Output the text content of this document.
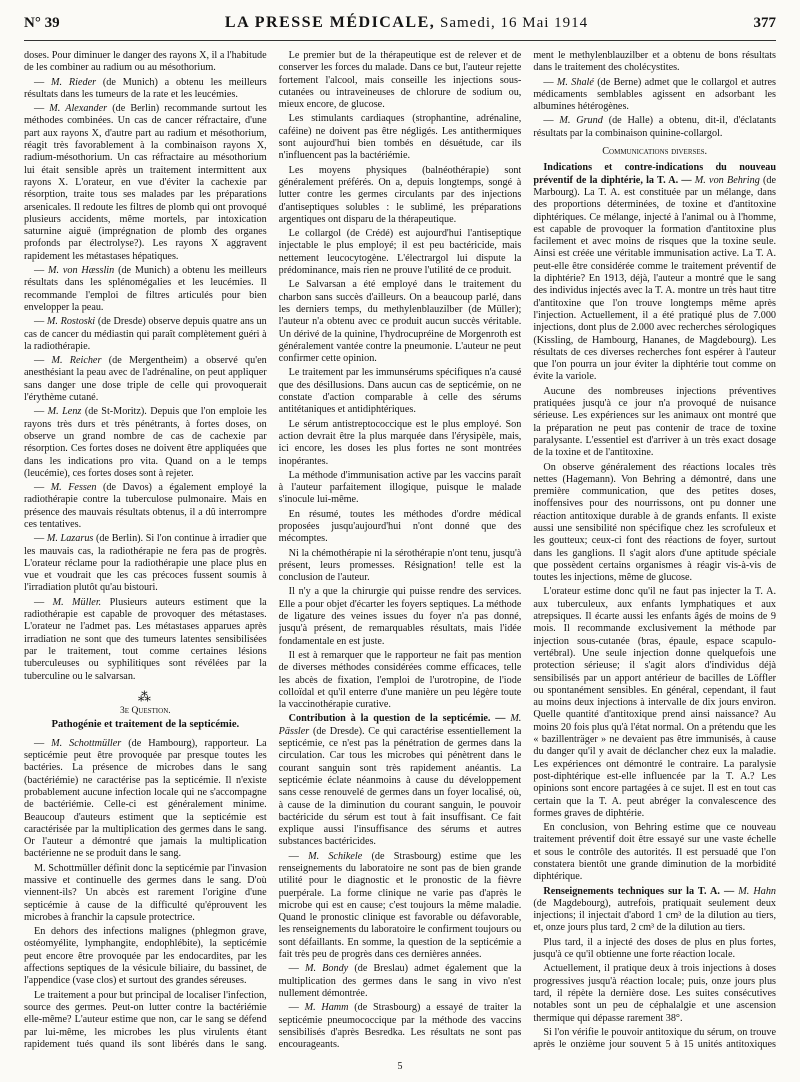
N° 39	LA PRESSE MÉDICALE, Samedi, 16 Mai 1914	377

doses. Pour diminuer le danger des rayons X, il a l'habitude de les combiner au radium ou au mésothorium.

— M. Rieder (de Munich) a obtenu les meilleurs résultats dans les tumeurs de la rate et les leucémies.

— M. Alexander (de Berlin) recommande surtout les méthodes combinées. Un cas de cancer réfractaire, d'une part aux rayons X, d'autre part au radium et mésothorium, réagit très favorablement à la combinaison rayons X, radium-mésothorium. Un cas réfractaire au mésothorium lui était sensible après un traitement intermittent aux rayons X. L'orateur, en vue d'éviter la cachexie par résorption, traite tous ses malades par les préparations arsenicales. Il redoute les filtres de plomb qui ont provoqué plusieurs accidents, même mortels, par intoxication saturnine aiguë (imprégnation de plomb des organes profonds par électrolyse?). Les rayons X aggravent rapidement les métastases hépatiques.

— M. von Hæsslin (de Munich) a obtenu les meilleurs résultats dans les splénomégalies et les leucémies. Il recommande l'emploi de filtres articulés pour bien envelopper la peau.

— M. Rostoski (de Dresde) observe depuis quatre ans un cas de cancer du médiastin qui paraît complètement guéri à la radiothérapie.

— M. Reicher (de Mergentheim) a observé qu'en anesthésiant la peau avec de l'adrénaline, on peut appliquer sans danger une dose triple de celle qui provoquerait l'érythème cutané.

— M. Lenz (de St-Moritz). Depuis que l'on emploie les rayons très durs et très pénétrants, à fortes doses, on observe un grand nombre de cas de cachexie par résorption. Ces fortes doses ne doivent être appliquées que dans les indications pro vita. Quand on a le temps (leucémie), ces fortes doses sont à rejeter.

— M. Fessen (de Davos) a également employé la radiothérapie contre la tuberculose pulmonaire. Mais en présence des mauvais résultats obtenus, il a dû interrompre ces tentatives.

— M. Lazarus (de Berlin). Si l'on continue à irradier que les mauvais cas, la radiothérapie ne fera pas de progrès. L'orateur réclame pour la radiothérapie une place plus en vue et voudrait que les cas précoces fussent soumis à l'irradiation plutôt qu'au bistouri.

— M. Müller. Plusieurs auteurs estiment que la radiothérapie est capable de provoquer des métastases. L'orateur ne l'admet pas. Les métastases apparues après irradiation ne sont que des tumeurs latentes sensibilisées par le traitement, tout comme certaines lésions tuberculeuses ou syphilitiques sont révélées par la tuberculine ou le salvarsan.

⁂
3e Question.
Pathogénie et traitement de la septicémie.

— M. Schottmüller (de Hambourg), rapporteur. La septicémie peut être provoquée par presque toutes les bactéries. La présence de microbes dans le sang (bactériémie) ne caractérise pas la septicémie. Il n'existe probablement aucune infection locale qui ne s'accompagne de bactériémie. Celle-ci est généralement minime. Beaucoup d'auteurs estiment que la septicémie est caractérisée par la multiplication des germes dans le sang. Or l'auteur a démontré que jamais la multiplication bactérienne ne se produit dans le sang.

M. Schottmüller définit donc la septicémie par l'invasion massive et continuelle des germes dans le sang. D'où viennent-ils? Un abcès est rarement l'origine d'une septicémie à cause de la difficulté qu'éprouvent les microbes à franchir la capsule protectrice.

En dehors des infections malignes (phlegmon grave, ostéomyélite, lymphangite, endophlébite), la septicémie peut encore être provoquée par les endocardites, par les affections septiques de la vésicule biliaire, du bassinet, de l'appendice (vase clos) et surtout des grandes séreuses.

Le traitement a pour but principal de localiser l'infection, source des germes. Peut-on lutter contre la bactériémie elle-même? L'auteur estime que non, car le sang se défend par lui-même, les microbes les plus virulents étant rapidement tués quand ils sont libérés dans le sang.

Le premier but de la thérapeutique est de relever et de conserver les forces du malade. Dans ce but, l'auteur rejette fortement l'alcool, mais conseille les injections sous-cutanées ou intraveineuses de chlorure de sodium ou, mieux encore, de glucose.

Les stimulants cardiaques (strophantine, adrénaline, caféine) ne doivent pas être négligés. Les antithermiques sont aujourd'hui bien tombés en désuétude, car ils n'influencent pas la bactériémie.

Les moyens physiques (balnéothérapie) sont généralement préférés. On a, depuis longtemps, songé à lutter contre les germes circulants par des injections d'antiseptiques solubles : le sublimé, les préparations argentiques ont disparu de la thérapeutique.

Le collargol (de Crédé) est aujourd'hui l'antiseptique injectable le plus employé; il est peu bactéricide, mais nettement leucocytogène. L'électrargol lui dispute la prédominance, mais rien ne prouve l'utilité de ce produit.

Le Salvarsan a été employé dans le traitement du charbon sans succès d'ailleurs. On a beaucoup parlé, dans les derniers temps, du methylenblauzilber (de Müller); l'auteur n'a obtenu avec ce produit aucun succès véritable. Un dérivé de la quinine, l'hydrocupréine de Morgenroth est généralement vantée contre la pneumonie. L'auteur ne peut confirmer cette opinion.

Le traitement par les immunsérums spécifiques n'a causé que des désillusions. Dans aucun cas de septicémie, on ne constate d'action comparable à celle des sérums antitétaniques et antidiphtériques.

Le sérum antistreptococcique est le plus employé. Son action devrait être la plus marquée dans l'érysipèle, mais, ici encore, les doses les plus fortes ne sont montrées inopérantes.

La méthode d'immunisation active par les vaccins paraît à l'auteur parfaitement illogique, puisque le malade s'inocule lui-même.

En résumé, toutes les méthodes d'ordre médical proposées jusqu'aujourd'hui n'ont donné que des mécomptes.

Ni la chémothérapie ni la sérothérapie n'ont tenu, jusqu'à présent, leurs promesses. Résignation! telle est la conclusion de l'auteur.

Il n'y a que la chirurgie qui puisse rendre des services. Elle a pour objet d'écarter les foyers septiques. La méthode de ligature des veines issues du foyer n'a pas donné, jusqu'à présent, de remarquables résultats, mais l'idée fondamentale en est juste.

Il est à remarquer que le rapporteur ne fait pas mention de diverses méthodes considérées comme efficaces, telle les abcès de fixation, l'emploi de l'urotropine, de l'iode colloïdal et qu'il enterre d'une manière un peu légère toute la vaccinothérapie curative.

Contribution à la question de la septicémie. — M. Pässler (de Dresde). Ce qui caractérise essentiellement la septicémie, ce n'est pas la pénétration de germes dans la circulation. Car tous les microbes qui pénètrent dans le courant sanguin sont très rapidement anéantis. La septicémie éclate néanmoins à cause du développement sans cesse renouvelé de germes dans un foyer localisé, où, à cause de la diminution du courant sanguin, le pouvoir bactéricide du sérum est tout à fait insuffisant. Ce fait explique aussi l'insuffisance des sérums et autres substances bactéricides.

— M. Schikele (de Strasbourg) estime que les renseignements du laboratoire ne sont pas de bien grande utilité pour le diagnostic et le pronostic de la fièvre puerpérale. La forme clinique ne varie pas d'après le microbe qui est en cause; c'est toujours la même maladie. Quand le pronostic clinique est favorable ou défavorable, les renseignements du laboratoire le confirment toujours ou sont défaillants. En somme, la question de la septicémie a fait très peu de progrès dans ces dernières années.

— M. Bondy (de Breslau) admet également que la multiplication des germes dans le sang in vivo n'est nullement démontrée.

— M. Hamm (de Strasbourg) a essayé de traiter la septicémie pneumococcique par la méthode des vaccins sensibilisés d'après Besredka. Les résultats ne sont pas encourageants.

ment le methylenblauzilber et a obtenu de bons résultats dans le traitement des cholécystites.

— M. Shalé (de Berne) admet que le collargol et autres médicaments semblables agissent en adsorbant les albumines hétérogènes.

— M. Grund (de Halle) a obtenu, dit-il, d'éclatants résultats par la combinaison quinine-collargol.

Communications diverses.

Indications et contre-indications du nouveau préventif de la diphtérie, la T. A. — M. von Behring (de Marbourg). La T. A. est constituée par un mélange, dans des proportions déterminées, de toxine et d'antitoxine diphtériques. Ce mélange, injecté à l'animal ou à l'homme, est capable de provoquer la formation d'antitoxine plus facilement et avec moins de risques que la toxine seule. Ainsi est créée une véritable immunisation active. La T. A. peut-elle être considérée comme le traitement préventif de la diphtérie? En 1913, déjà, l'auteur a montré que le sang des individus injectés avec la T. A. montre un très haut titre d'antitoxine que l'on trouve longtemps même après l'injection. Actuellement, il a été pratiqué plus de 7.000 injections, dont plus de 2.000 avec recherches sérologiques (Kissling, de Hambourg, Hananes, de Magdebourg). Les résultats de ces diverses recherches font espérer à l'auteur que l'on pourra un jour éviter la diphtérie tout comme on évite la variole.

Aucune des nombreuses injections préventives pratiquées jusqu'à ce jour n'a provoqué de nuisance sérieuse. Les expériences sur les animaux ont montré que la préparation ne peut pas contenir de trace de toxine paralysante. L'essentiel est d'arriver à un très exact dosage de la toxine et de l'antitoxine.

On observe généralement des réactions locales très nettes (Hagemann). Von Behring a démontré, dans une première communication, que des petites doses, inoffensives pour des nourrissons, ont pu donner une réaction antitoxique durable à de grands enfants. Il existe aussi une sensibilité non spécifique chez les scrofuleux et les goutteux; ceux-ci font des réactions de foyer, surtout dans les ganglions. Il s'agit alors d'une aptitude spéciale que possèdent certains organismes à réagir vis-à-vis de toutes les injections, même de glucose.

L'orateur estime donc qu'il ne faut pas injecter la T. A. aux tuberculeux, aux enfants lymphatiques et aux atrepsiques. Il écarte aussi les enfants âgés de moins de 9 mois. Il recommande exclusivement la méthode par injection sous-cutanée (bras, épaule, espace scapulo-vertébral). Une seule injection donne quelquefois une protection sérieuse; il s'agit alors d'individus déjà sensibilisés par un apport antérieur de bacilles de Löffler ou spontanément sensibles. En général, cependant, il faut au moins deux injections à intervalle de dix jours environ. Quelle quantité d'antitoxique prend ainsi naissance? Au moins 20 fois plus qu'à l'état normal. On a prétendu que les « bazillenträger » ne devaient pas être immunisés, à cause du danger qu'il y avait de déclancher chez eux la maladie. Les expériences ont démontré le contraire. La paralysie post-diphtérique est-elle influencée par la T. A.? Les opinions sont encore partagées à ce sujet. Il est en tout cas certain que la T. A. peut abréger la convalescence des formes graves de diphtérie.

En conclusion, von Behring estime que ce nouveau traitement préventif doit être essayé sur une vaste échelle et sous le contrôle des autorités. Il est persuadé que l'on constatera bientôt une grande diminution de la morbidité diphtérique.

Renseignements techniques sur la T. A. — M. Hahn (de Magdebourg), autrefois, pratiquait seulement deux injections; il injectait d'abord 1 cm³ de la dilution au tiers, et, onze jours plus tard, 2 cm³ de la dilution au tiers.

Plus tard, il a injecté des doses de plus en plus fortes, jusqu'à ce qu'il obtienne une forte réaction locale.

Actuellement, il pratique deux à trois injections à doses progressives jusqu'à réaction locale; puis, onze jours plus tard, il répète la dernière dose. Les suites consécutives notables sont un peu de céphalalgie et une ascension thermique qui dépasse rarement 38°.

Si l'on vérifie le pouvoir antitoxique du sérum, on trouve après le onzième jour souvent 5 à 15 unités antitoxiques

5
